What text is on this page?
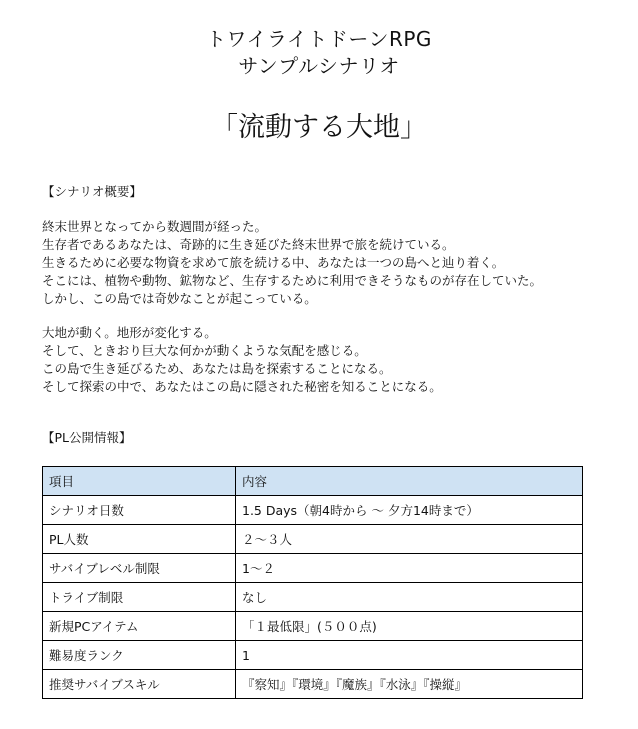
トワイライトドーンRPG
サンプルシナリオ
「流動する大地」
【シナリオ概要】
終末世界となってから数週間が経った。
生存者であるあなたは、奇跡的に生き延びた終末世界で旅を続けている。
生きるために必要な物資を求めて旅を続ける中、あなたは一つの島へと辿り着く。
そこには、植物や動物、鉱物など、生存するために利用できそうなものが存在していた。
しかし、この島では奇妙なことが起こっている。
大地が動く。地形が変化する。
そして、ときおり巨大な何かが動くような気配を感じる。
この島で生き延びるため、あなたは島を探索することになる。
そして探索の中で、あなたはこの島に隠された秘密を知ることになる。
【PL公開情報】
項目	内容
シナリオ日数	1.5 Days（朝4時から 〜 夕方14時まで）
PL人数	２〜３人
サバイブレベル制限	1〜２
トライブ制限	なし
新規PCアイテム	「１最低限」(５００点)
難易度ランク	1
推奨サバイブスキル	『察知』『環境』『魔族』『水泳』『操縦』
